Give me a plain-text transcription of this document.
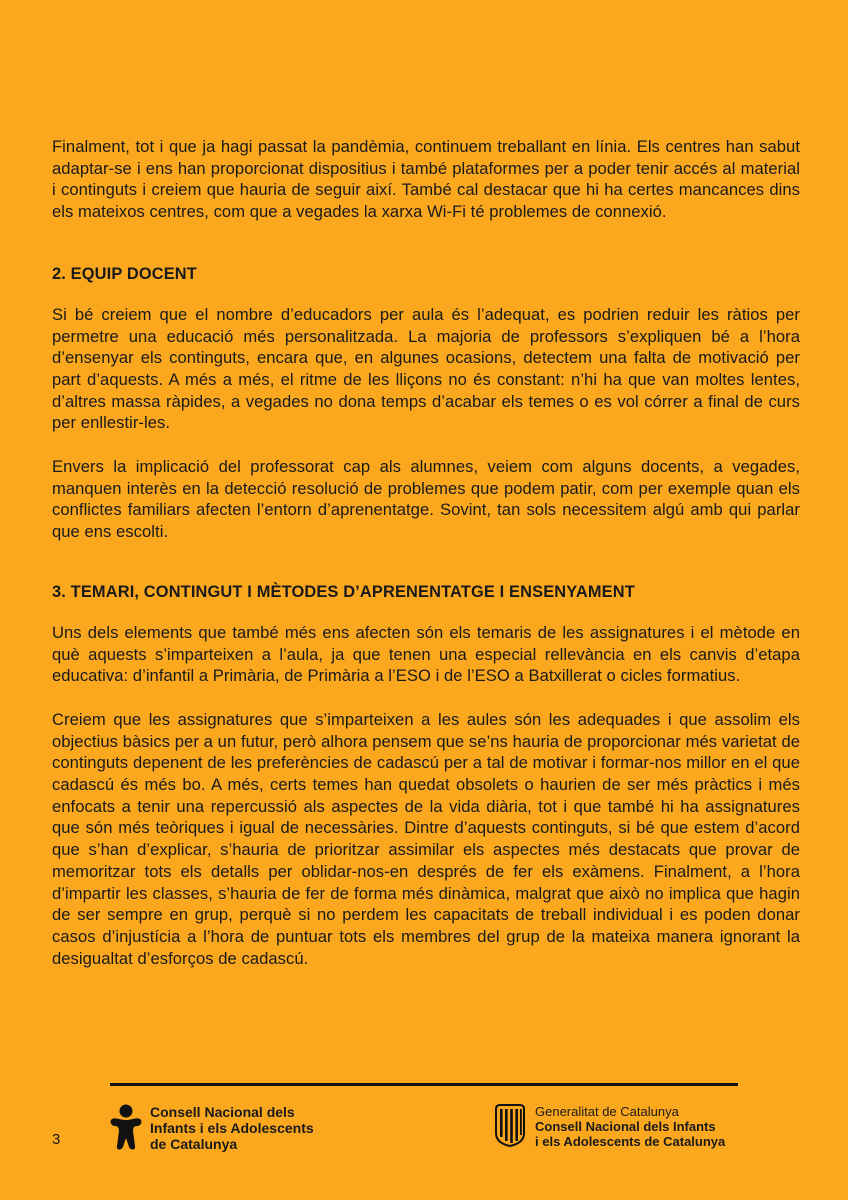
Finalment, tot i que ja hagi passat la pandèmia, continuem treballant en línia. Els centres han sabut adaptar-se i ens han proporcionat dispositius i també plataformes per a poder tenir accés al material i continguts i creiem que hauria de seguir així. També cal destacar que hi ha certes mancances dins els mateixos centres, com que a vegades la xarxa Wi-Fi té problemes de connexió.

2. EQUIP DOCENT

Si bé creiem que el nombre d’educadors per aula és l’adequat, es podrien reduir les ràtios per permetre una educació més personalitzada. La majoria de professors s’expliquen bé a l’hora d’ensenyar els continguts, encara que, en algunes ocasions, detectem una falta de motivació per part d’aquests. A més a més, el ritme de les lliçons no és constant: n’hi ha que van moltes lentes, d’altres massa ràpides, a vegades no dona temps d’acabar els temes o es vol córrer a final de curs per enllestir-les.

Envers la implicació del professorat cap als alumnes, veiem com alguns docents, a vegades, manquen interès en la detecció resolució de problemes que podem patir, com per exemple quan els conflictes familiars afecten l’entorn d’aprenentatge. Sovint, tan sols necessitem algú amb qui parlar que ens escolti.

3. TEMARI, CONTINGUT I MÈTODES D’APRENENTATGE I ENSENYAMENT

Uns dels elements que també més ens afecten són els temaris de les assignatures i el mètode en què aquests s’imparteixen a l’aula, ja que tenen una especial rellevància en els canvis d’etapa educativa: d’infantil a Primària, de Primària a l’ESO i de l’ESO a Batxillerat o cicles formatius.

Creiem que les assignatures que s’imparteixen a les aules són les adequades i que assolim els objectius bàsics per a un futur, però alhora pensem que se’ns hauria de proporcionar més varietat de continguts depenent de les preferències de cadascú per a tal de motivar i formar-nos millor en el que cadascú és més bo. A més, certs temes han quedat obsolets o haurien de ser més pràctics i més enfocats a tenir una repercussió als aspectes de la vida diària, tot i que també hi ha assignatures que són més teòriques i igual de necessàries. Dintre d’aquests continguts, si bé que estem d’acord que s’han d’explicar, s’hauria de prioritzar assimilar els aspectes més destacats que provar de memoritzar tots els detalls per oblidar-nos-en després de fer els exàmens. Finalment, a l’hora d’impartir les classes, s’hauria de fer de forma més dinàmica, malgrat que això no implica que hagin de ser sempre en grup, perquè si no perdem les capacitats de treball individual i es poden donar casos d’injustícia a l’hora de puntuar tots els membres del grup de la mateixa manera ignorant la desigualtat d’esforços de cadascú.

3
Consell Nacional dels
Infants i els Adolescents
de Catalunya
Generalitat de Catalunya
Consell Nacional dels Infants
i els Adolescents de Catalunya
